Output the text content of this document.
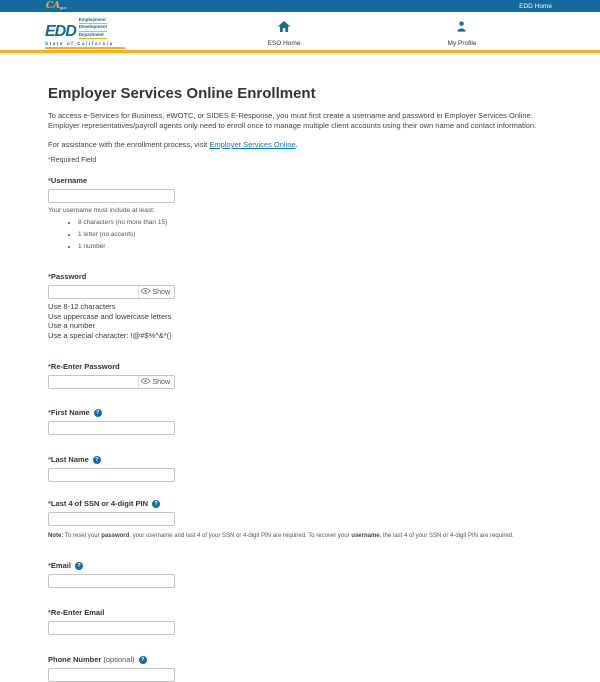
CA gov	EDD Home
EDD
Employment
Development
Department
State of California	ESO Home	My Profile
Employer Services Online Enrollment

To access e-Services for Business, eWOTC, or SIDES E-Response, you must first create a username and password in Employer Services Online. Employer representatives/payroll agents only need to enroll once to manage multiple client accounts using their own name and contact information.

For assistance with the enrollment process, visit Employer Services Online.

*Required Field

* Username
Your username must include at least:
• 8 characters (no more than 15)
• 1 letter (no accents)
• 1 number
* Password
Show
Use 8-12 characters
Use uppercase and lowercase letters
Use a number
Use a special character: !@#$%^&*()
* Re-Enter Password
Show
* First Name	?
* Last Name	?
* Last 4 of SSN or 4-digit PIN	?

Note: To reset your password, your username and last 4 of your SSN or 4-digit PIN are required. To recover your username, the last 4 of your SSN or 4-digit PIN are required.

* Email	?
* Re-Enter Email
Phone Number (optional)	?
